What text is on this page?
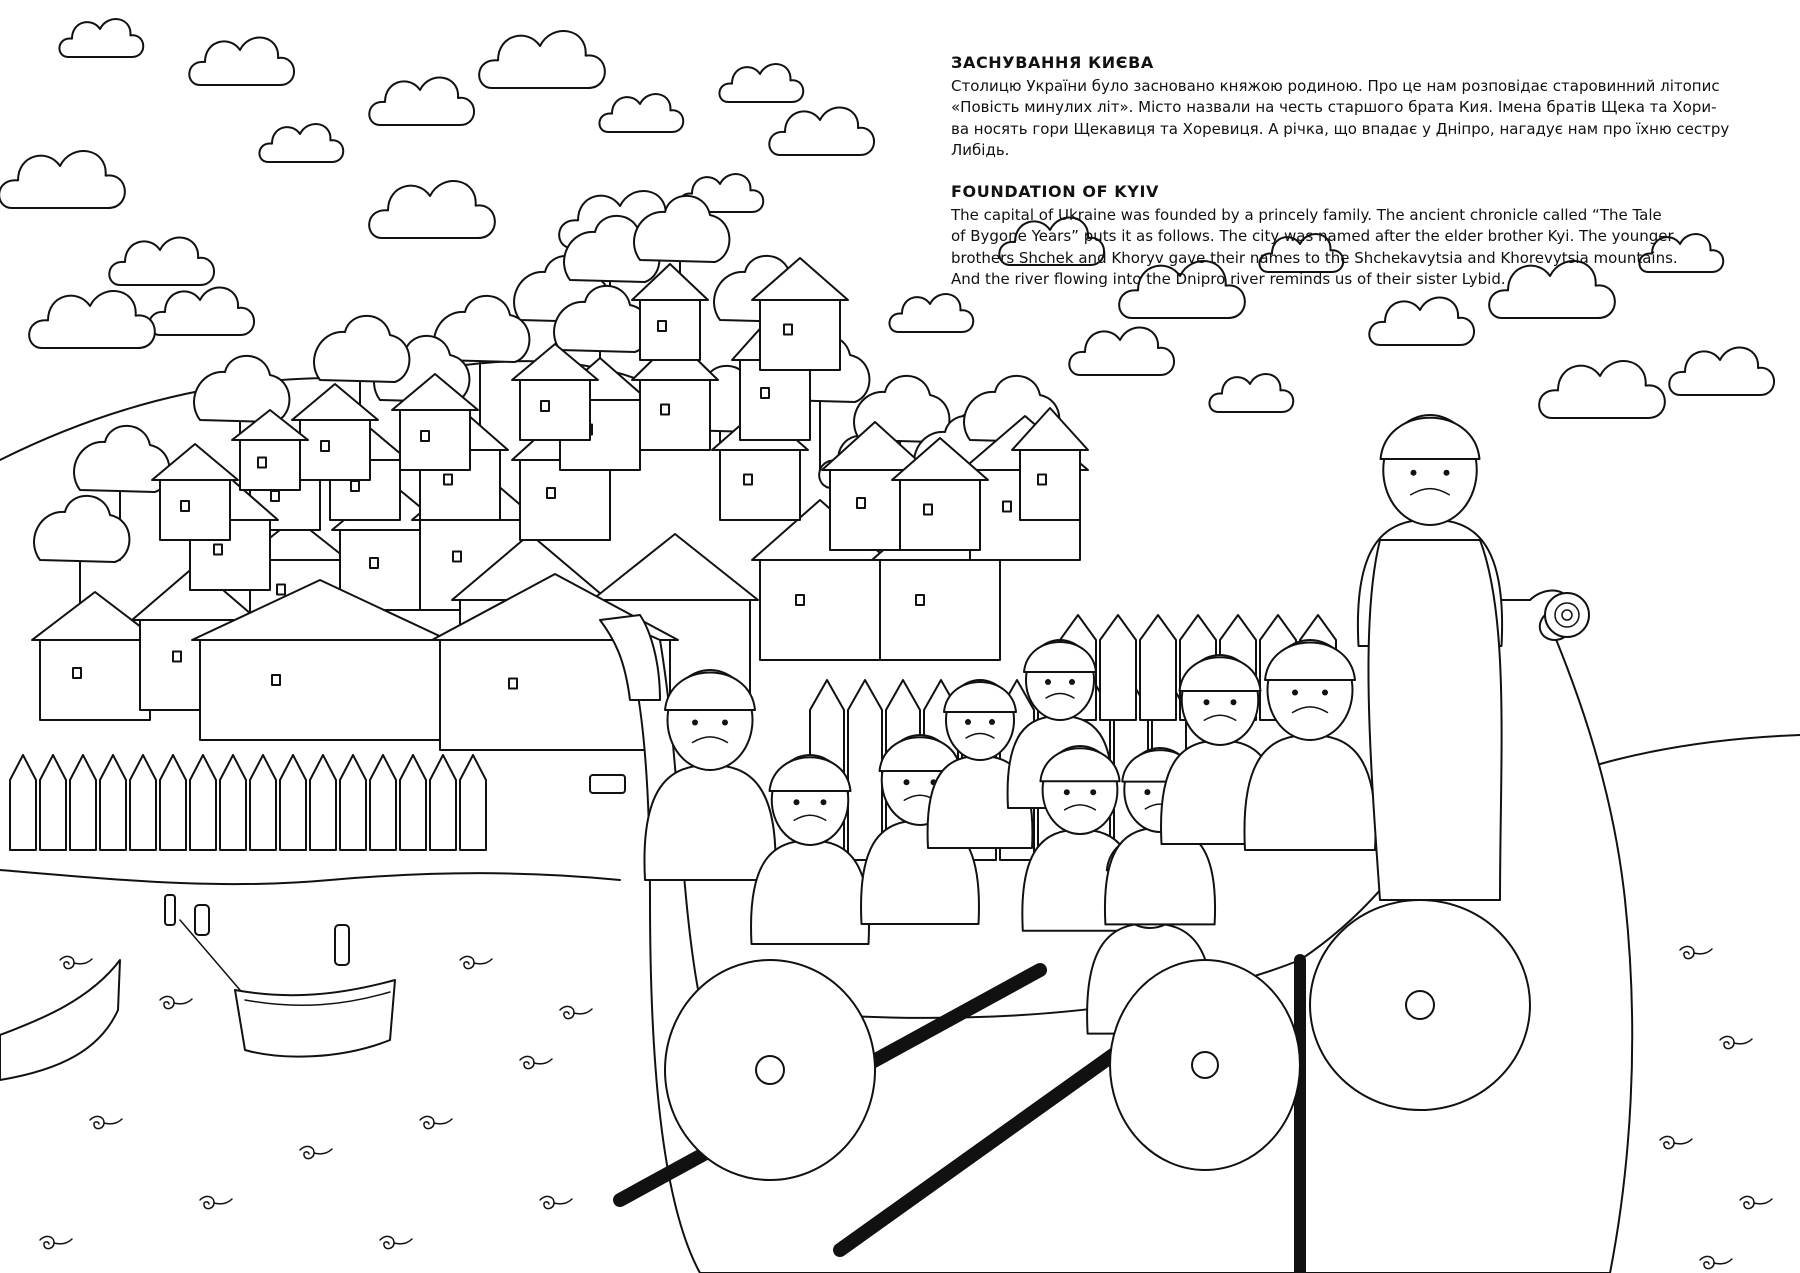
ЗАСНУВАННЯ КИЄВА

Столицю України було засновано княжою родиною. Про це нам розповідає старовинний літопис

«Повість минулих літ». Місто назвали на честь старшого брата Кия. Імена братів Щека та Хори-

ва носять гори Щекавиця та Хоревиця. А річка, що впадає у Дніпро, нагадує нам про їхню сестру

Либідь.

FOUNDATION OF KYIV

The capital of Ukraine was founded by a princely family. The ancient chronicle called “The Tale

of Bygone Years” puts it as follows. The city was named after the elder brother Kyi. The younger

brothers Shchek and Khoryv gave their names to the Shchekavytsia and Khorevytsia mountains.

And the river flowing into the Dnipro river reminds us of their sister Lybid.
